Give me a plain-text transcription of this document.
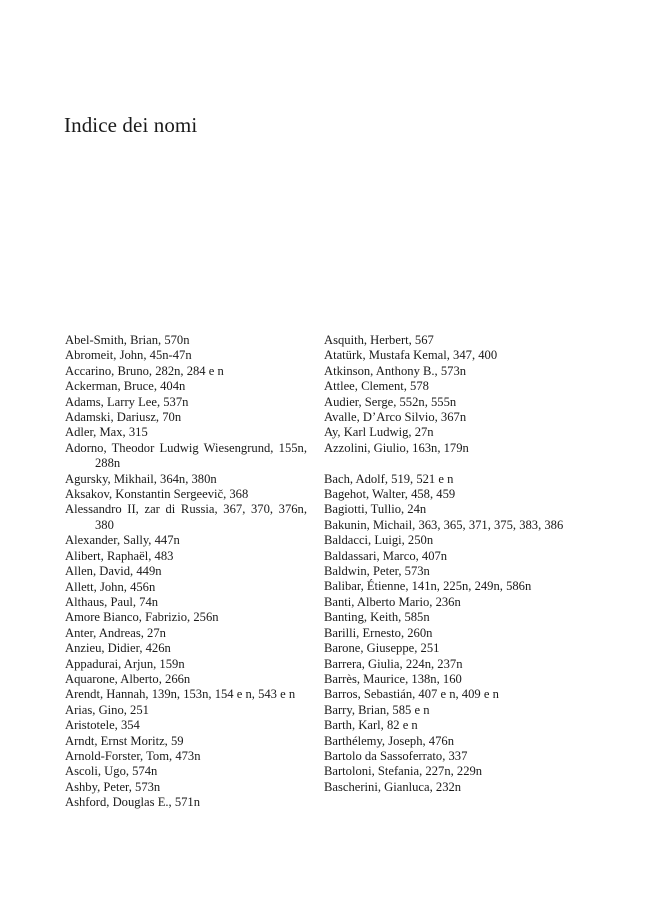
Indice dei nomi
Abel-Smith, Brian, 570n
Abromeit, John, 45n-47n
Accarino, Bruno, 282n, 284 e n
Ackerman, Bruce, 404n
Adams, Larry Lee, 537n
Adamski, Dariusz, 70n
Adler, Max, 315
Adorno, Theodor Ludwig Wiesengrund, 155n, 288n
Agursky, Mikhail, 364n, 380n
Aksakov, Konstantin Sergeevič, 368
Alessandro II, zar di Russia, 367, 370, 376n, 380
Alexander, Sally, 447n
Alibert, Raphaël, 483
Allen, David, 449n
Allett, John, 456n
Althaus, Paul, 74n
Amore Bianco, Fabrizio, 256n
Anter, Andreas, 27n
Anzieu, Didier, 426n
Appadurai, Arjun, 159n
Aquarone, Alberto, 266n
Arendt, Hannah, 139n, 153n, 154 e n, 543 e n
Arias, Gino, 251
Aristotele, 354
Arndt, Ernst Moritz, 59
Arnold-Forster, Tom, 473n
Ascoli, Ugo, 574n
Ashby, Peter, 573n
Ashford, Douglas E., 571n
Asquith, Herbert, 567
Atatürk, Mustafa Kemal, 347, 400
Atkinson, Anthony B., 573n
Attlee, Clement, 578
Audier, Serge, 552n, 555n
Avalle, D’Arco Silvio, 367n
Ay, Karl Ludwig, 27n
Azzolini, Giulio, 163n, 179n
Bach, Adolf, 519, 521 e n
Bagehot, Walter, 458, 459
Bagiotti, Tullio, 24n
Bakunin, Michail, 363, 365, 371, 375, 383, 386
Baldacci, Luigi, 250n
Baldassari, Marco, 407n
Baldwin, Peter, 573n
Balibar, Étienne, 141n, 225n, 249n, 586n
Banti, Alberto Mario, 236n
Banting, Keith, 585n
Barilli, Ernesto, 260n
Barone, Giuseppe, 251
Barrera, Giulia, 224n, 237n
Barrès, Maurice, 138n, 160
Barros, Sebastián, 407 e n, 409 e n
Barry, Brian, 585 e n
Barth, Karl, 82 e n
Barthélemy, Joseph, 476n
Bartolo da Sassoferrato, 337
Bartoloni, Stefania, 227n, 229n
Bascherini, Gianluca, 232n
